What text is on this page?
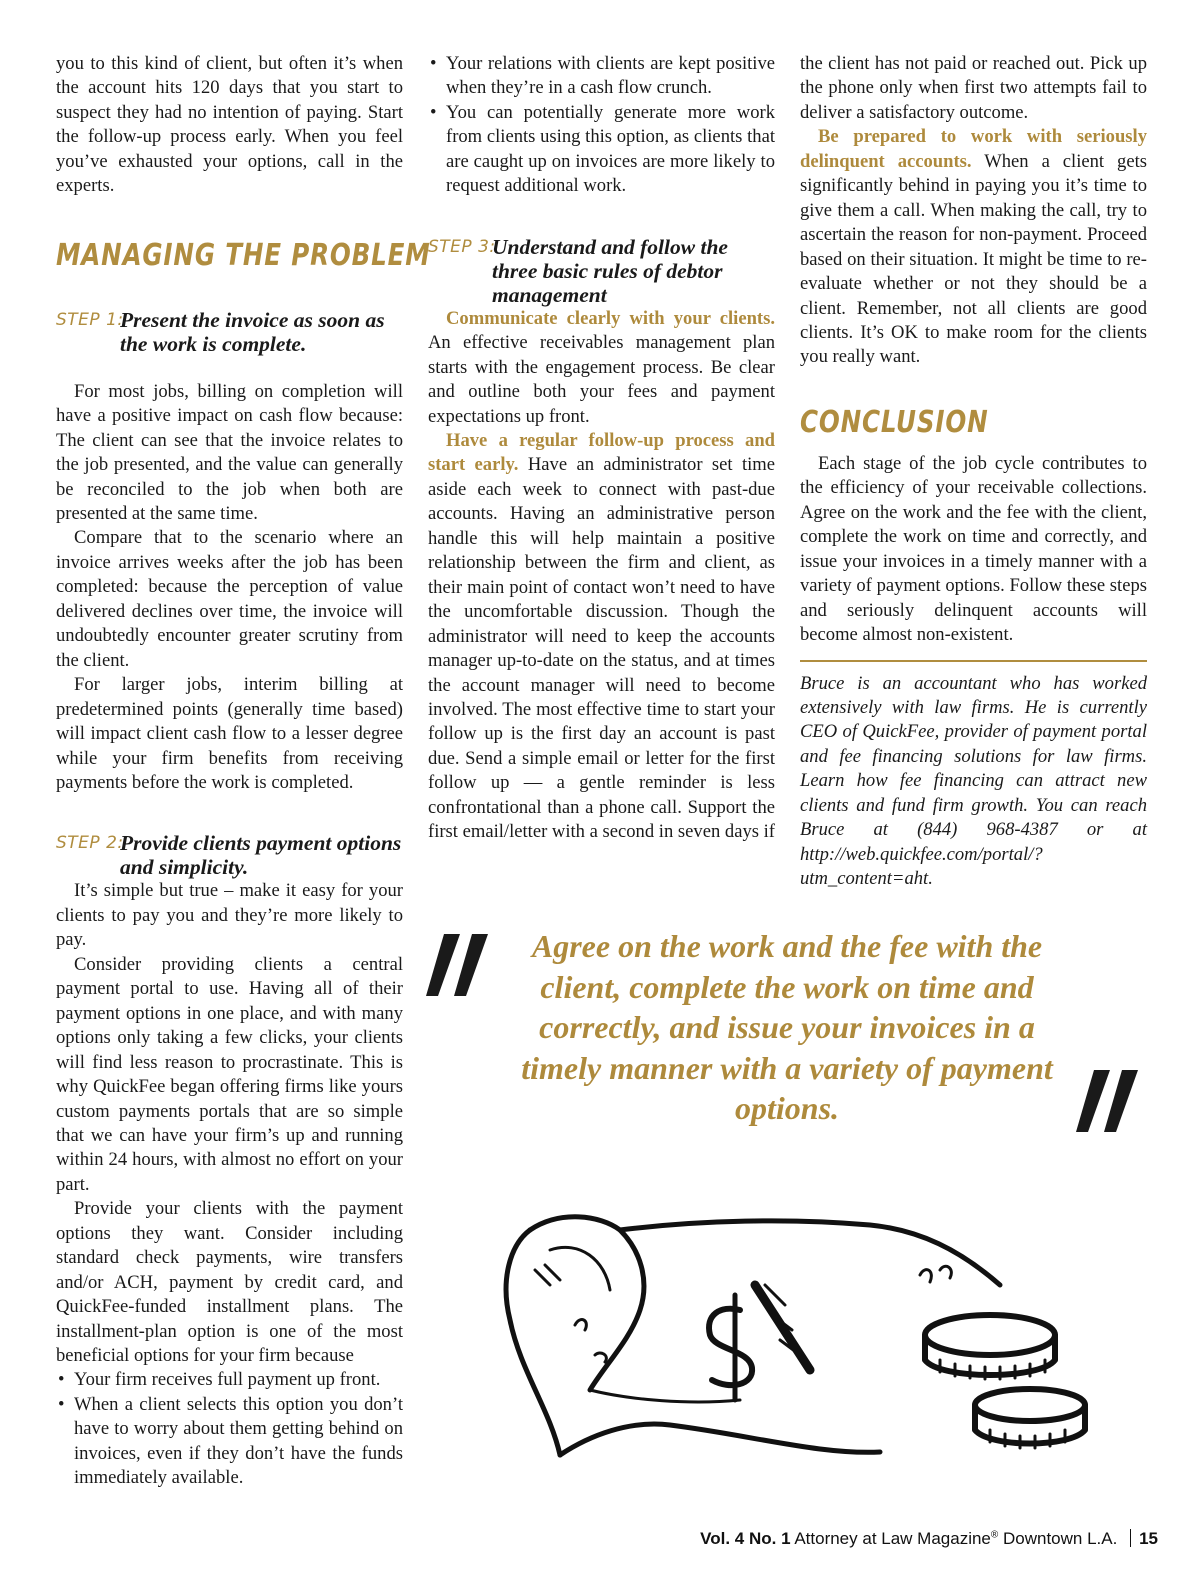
you to this kind of client, but often it’s when the account hits 120 days that you start to suspect they had no intention of paying. Start the follow-up process early. When you feel you’ve exhausted your options, call in the experts.

MANAGING THE PROBLEM
STEP 1:
Present the invoice as soon as the work is complete.

For most jobs, billing on completion will have a positive impact on cash flow because: The client can see that the invoice relates to the job presented, and the value can generally be reconciled to the job when both are presented at the same time.

Compare that to the scenario where an invoice arrives weeks after the job has been completed: because the perception of value delivered declines over time, the invoice will undoubtedly encounter greater scrutiny from the client.

For larger jobs, interim billing at predetermined points (generally time based) will impact client cash flow to a lesser degree while your firm benefits from receiving payments before the work is completed.

STEP 2:
Provide clients payment options and simplicity.

It’s simple but true – make it easy for your clients to pay you and they’re more likely to pay.

Consider providing clients a central payment portal to use. Having all of their payment options in one place, and with many options only taking a few clicks, your clients will find less reason to procrastinate. This is why QuickFee began offering firms like yours custom payments portals that are so simple that we can have your firm’s up and running within 24 hours, with almost no effort on your part.

Provide your clients with the payment options they want. Consider including standard check payments, wire transfers and/or ACH, payment by credit card, and QuickFee-funded installment plans. The installment-plan option is one of the most beneficial options for your firm because

• Your firm receives full payment up front.
• When a client selects this option you don’t have to worry about them getting behind on invoices, even if they don’t have the funds immediately available.
• Your relations with clients are kept positive when they’re in a cash flow crunch.
• You can potentially generate more work from clients using this option, as clients that are caught up on invoices are more likely to request additional work.
STEP 3:
Understand and follow the three basic rules of debtor management

Communicate clearly with your clients. An effective receivables management plan starts with the engagement process. Be clear and outline both your fees and payment expectations up front.

Have a regular follow-up process and start early. Have an administrator set time aside each week to connect with past-due accounts. Having an administrative person handle this will help maintain a positive relationship between the firm and client, as their main point of contact won’t need to have the uncomfortable discussion. Though the administrator will need to keep the accounts manager up-to-date on the status, and at times the account manager will need to become involved. The most effective time to start your follow up is the first day an account is past due. Send a simple email or letter for the first follow up — a gentle reminder is less confrontational than a phone call. Support the first email/letter with a second in seven days if

the client has not paid or reached out. Pick up the phone only when first two attempts fail to deliver a satisfactory outcome.

Be prepared to work with seriously delinquent accounts. When a client gets significantly behind in paying you it’s time to give them a call. When making the call, try to ascertain the reason for non-payment. Proceed based on their situation. It might be time to re-evaluate whether or not they should be a client. Remember, not all clients are good clients. It’s OK to make room for the clients you really want.

CONCLUSION

Each stage of the job cycle contributes to the efficiency of your receivable collections. Agree on the work and the fee with the client, complete the work on time and correctly, and issue your invoices in a timely manner with a variety of payment options. Follow these steps and seriously delinquent accounts will become almost non-existent.

Bruce is an accountant who has worked extensively with law firms. He is currently CEO of QuickFee, provider of payment portal and fee financing solutions for law firms. Learn how fee financing can attract new clients and fund firm growth. You can reach Bruce at (844) 968-4387 or at http://web.quickfee.com/portal/?utm_content=aht.

Agree on the work and the fee with the client, complete the work on time and correctly, and issue your invoices in a timely manner with a variety of payment options.
Vol. 4 No. 1 Attorney at Law Magazine® Downtown L.A. 15
